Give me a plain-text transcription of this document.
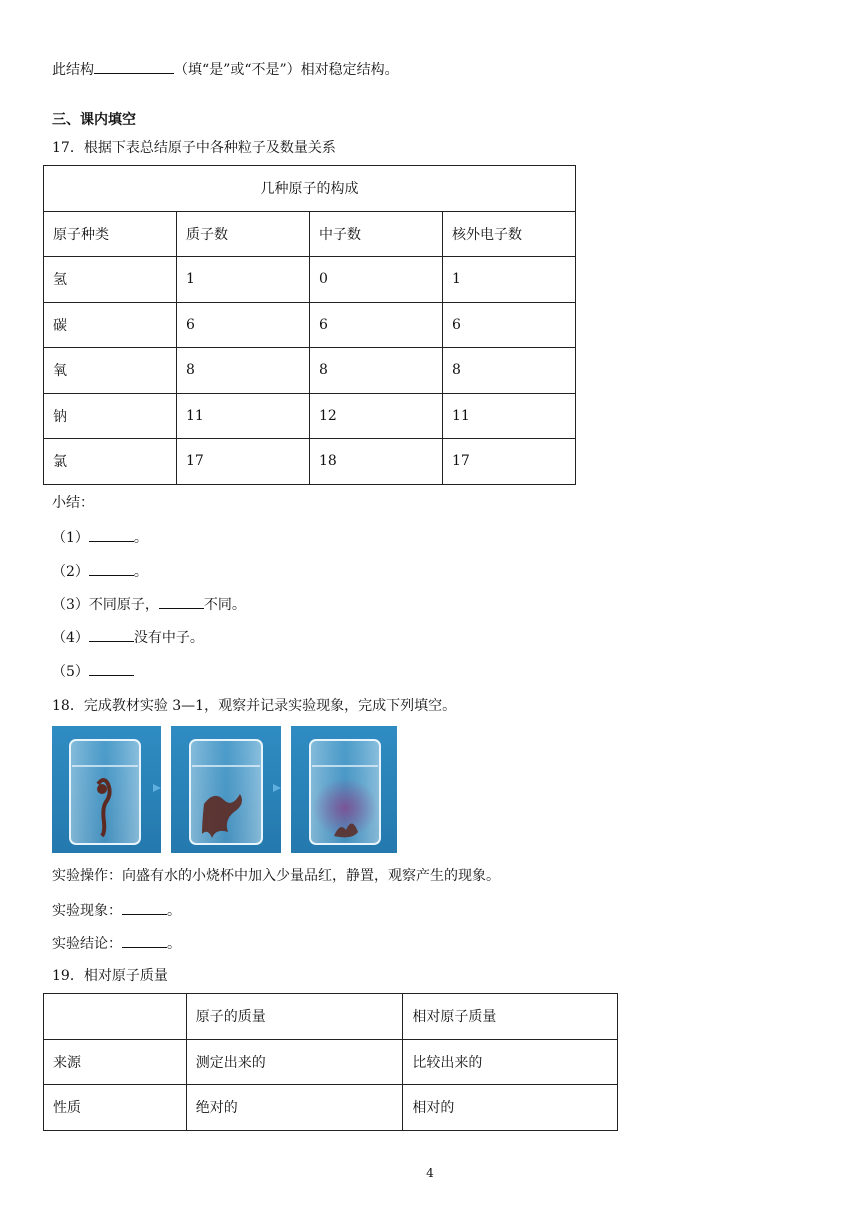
此结构	（填“是”或“不是”）相对稳定结构。
三、课内填空
17．根据下表总结原子中各种粒子及数量关系
几种原子的构成			
原子种类	质子数	中子数	核外电子数
氢	1	0	1
碳	6	6	6
氧	8	8	8
钠	11	12	11
氯	17	18	17
小结：
（1）	。
（2）	。
（3）不同原子，	不同。
（4）	没有中子。
（5）
18．完成教材实验 3—1，观察并记录实验现象，完成下列填空。
实验操作：向盛有水的小烧杯中加入少量品红，静置，观察产生的现象。
实验现象：	。
实验结论：	。
19．相对原子质量
	原子的质量	相对原子质量
来源	测定出来的	比较出来的
性质	绝对的	相对的
4
